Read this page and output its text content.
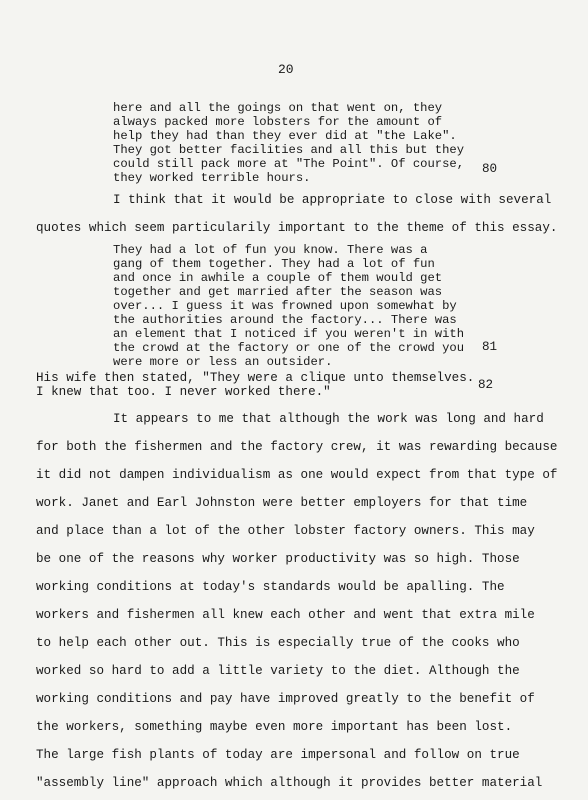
20
here and all the goings on that went on, they
always packed more lobsters for the amount of
help they had than they ever did at "the Lake".
They got better facilities and all this but they
could still pack more at "The Point". Of course,
they worked terrible hours.
80
I think that it would be appropriate to close with several
quotes which seem particularily important to the theme of this essay.
They had a lot of fun you know. There was a
gang of them together. They had a lot of fun
and once in awhile a couple of them would get
together and get married after the season was
over... I guess it was frowned upon somewhat by
the authorities around the factory... There was
an element that I noticed if you weren't in with
the crowd at the factory or one of the crowd you
were more or less an outsider.
81
His wife then stated, "They were a clique unto themselves.
I knew that too. I never worked there."	82
It appears to me that although the work was long and hard
for both the fishermen and the factory crew, it was rewarding because
it did not dampen individualism as one would expect from that type of
work. Janet and Earl Johnston were better employers for that time
and place than a lot of the other lobster factory owners. This may
be one of the reasons why worker productivity was so high. Those
working conditions at today's standards would be apalling. The
workers and fishermen all knew each other and went that extra mile
to help each other out. This is especially true of the cooks who
worked so hard to add a little variety to the diet. Although the
working conditions and pay have improved greatly to the benefit of
the workers, something maybe even more important has been lost.
The large fish plants of today are impersonal and follow on true
"assembly line" approach which although it provides better material
